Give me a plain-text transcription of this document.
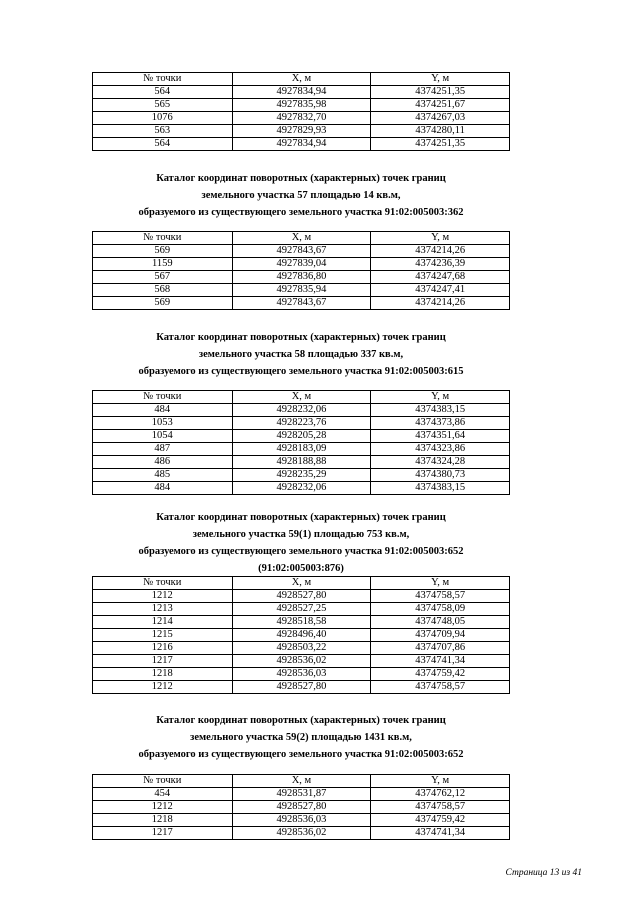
№ точки	X, м	Y, м
564	4927834,94	4374251,35
565	4927835,98	4374251,67
1076	4927832,70	4374267,03
563	4927829,93	4374280,11
564	4927834,94	4374251,35
Каталог координат поворотных (характерных) точек границ
земельного участка 57 площадью 14 кв.м,
образуемого из существующего земельного участка 91:02:005003:362
№ точки	X, м	Y, м
569	4927843,67	4374214,26
1159	4927839,04	4374236,39
567	4927836,80	4374247,68
568	4927835,94	4374247,41
569	4927843,67	4374214,26
Каталог координат поворотных (характерных) точек границ
земельного участка 58 площадью 337 кв.м,
образуемого из существующего земельного участка 91:02:005003:615
№ точки	X, м	Y, м
484	4928232,06	4374383,15
1053	4928223,76	4374373,86
1054	4928205,28	4374351,64
487	4928183,09	4374323,86
486	4928188,88	4374324,28
485	4928235,29	4374380,73
484	4928232,06	4374383,15
Каталог координат поворотных (характерных) точек границ
земельного участка 59(1) площадью 753 кв.м,
образуемого из существующего земельного участка 91:02:005003:652
(91:02:005003:876)
№ точки	X, м	Y, м
1212	4928527,80	4374758,57
1213	4928527,25	4374758,09
1214	4928518,58	4374748,05
1215	4928496,40	4374709,94
1216	4928503,22	4374707,86
1217	4928536,02	4374741,34
1218	4928536,03	4374759,42
1212	4928527,80	4374758,57
Каталог координат поворотных (характерных) точек границ
земельного участка 59(2) площадью 1431 кв.м,
образуемого из существующего земельного участка 91:02:005003:652
№ точки	X, м	Y, м
454	4928531,87	4374762,12
1212	4928527,80	4374758,57
1218	4928536,03	4374759,42
1217	4928536,02	4374741,34
Страница 13 из 41
